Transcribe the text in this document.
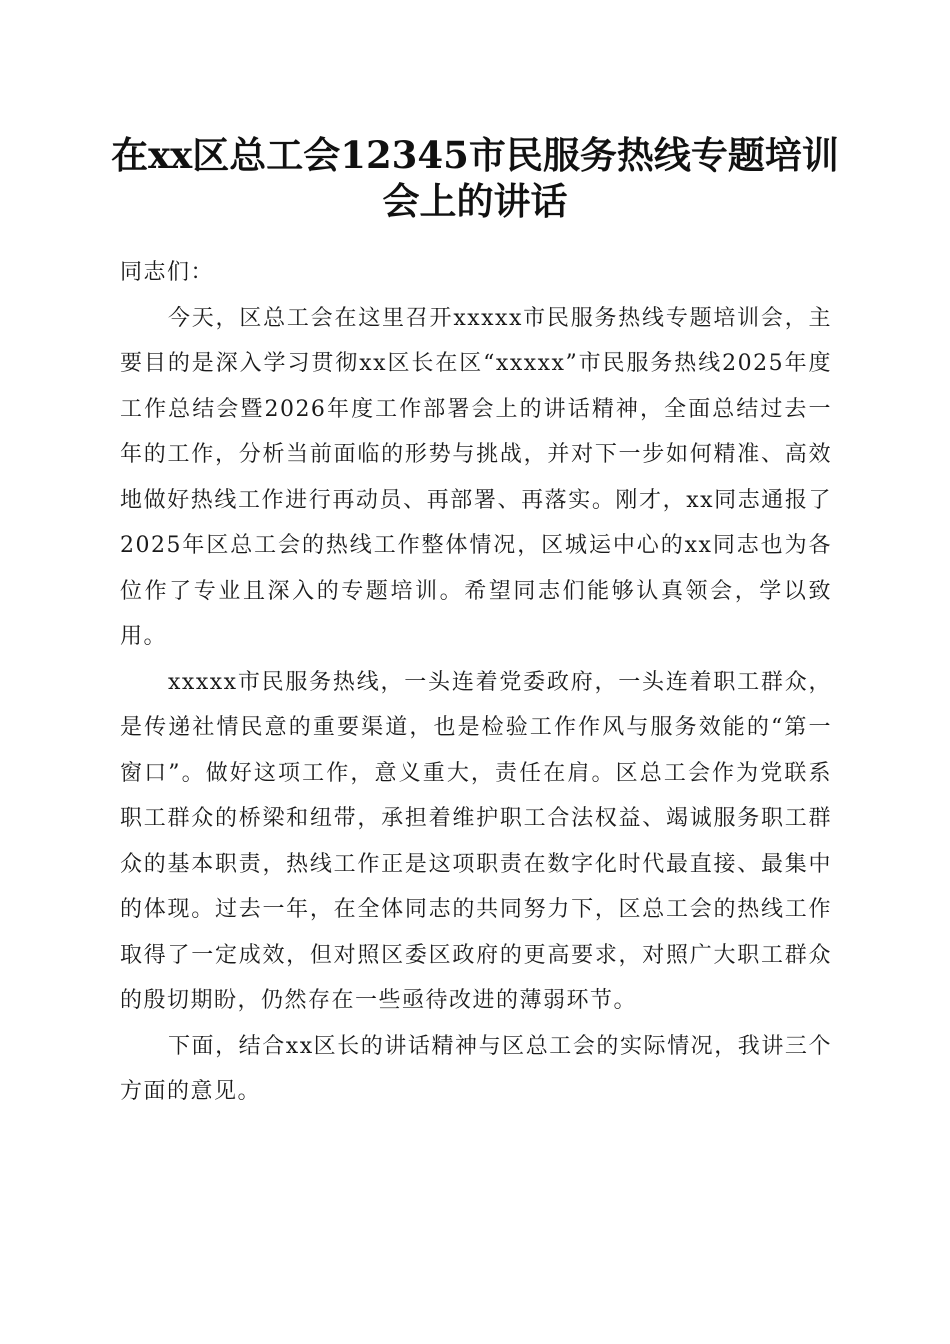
在xx区总工会12345市民服务热线专题培训
会上的讲话

同志们：

今天，区总工会在这里召开xxxxx市民服务热线专题培训会，主要目的是深入学习贯彻xx区长在区“xxxxx”市民服务热线2025年度工作总结会暨2026年度工作部署会上的讲话精神，全面总结过去一年的工作，分析当前面临的形势与挑战，并对下一步如何精准、高效地做好热线工作进行再动员、再部署、再落实。刚才，xx同志通报了2025年区总工会的热线工作整体情况，区城运中心的xx同志也为各位作了专业且深入的专题培训。希望同志们能够认真领会，学以致用。

xxxxx市民服务热线，一头连着党委政府，一头连着职工群众，是传递社情民意的重要渠道，也是检验工作作风与服务效能的“第一窗口”。做好这项工作，意义重大，责任在肩。区总工会作为党联系职工群众的桥梁和纽带，承担着维护职工合法权益、竭诚服务职工群众的基本职责，热线工作正是这项职责在数字化时代最直接、最集中的体现。过去一年，在全体同志的共同努力下，区总工会的热线工作取得了一定成效，但对照区委区政府的更高要求，对照广大职工群众的殷切期盼，仍然存在一些亟待改进的薄弱环节。

下面，结合xx区长的讲话精神与区总工会的实际情况，我讲三个方面的意见。
